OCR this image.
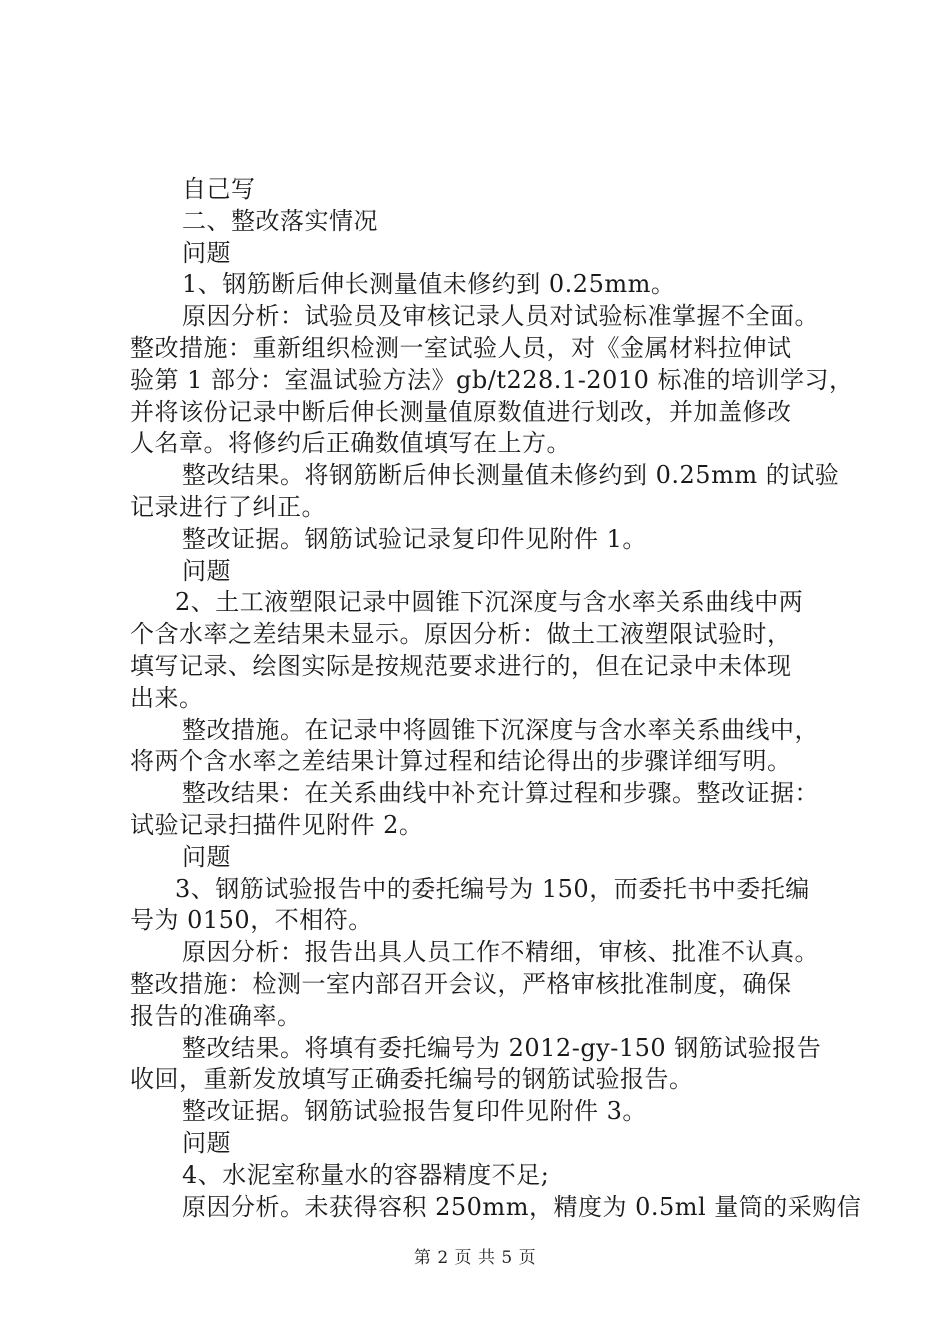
自己写
二、整改落实情况
问题
1、钢筋断后伸长测量值未修约到 0.25mm。
原因分析：试验员及审核记录人员对试验标准掌握不全面。
整改措施：重新组织检测一室试验人员，对《金属材料拉伸试
验第 1 部分：室温试验方法》gb/t228.1-2010 标准的培训学习，
并将该份记录中断后伸长测量值原数值进行划改，并加盖修改
人名章。将修约后正确数值填写在上方。
整改结果。将钢筋断后伸长测量值未修约到 0.25mm 的试验
记录进行了纠正。
整改证据。钢筋试验记录复印件见附件 1。
问题
2、土工液塑限记录中圆锥下沉深度与含水率关系曲线中两
个含水率之差结果未显示。原因分析：做土工液塑限试验时，
填写记录、绘图实际是按规范要求进行的，但在记录中未体现
出来。
整改措施。在记录中将圆锥下沉深度与含水率关系曲线中，
将两个含水率之差结果计算过程和结论得出的步骤详细写明。
整改结果：在关系曲线中补充计算过程和步骤。整改证据：
试验记录扫描件见附件 2。
问题
3、钢筋试验报告中的委托编号为 150，而委托书中委托编
号为 0150，不相符。
原因分析：报告出具人员工作不精细，审核、批准不认真。
整改措施：检测一室内部召开会议，严格审核批准制度，确保
报告的准确率。
整改结果。将填有委托编号为 2012-gy-150 钢筋试验报告
收回，重新发放填写正确委托编号的钢筋试验报告。
整改证据。钢筋试验报告复印件见附件 3。
问题
4、水泥室称量水的容器精度不足;
原因分析。未获得容积 250mm，精度为 0.5ml 量筒的采购信
第 2 页 共 5 页
